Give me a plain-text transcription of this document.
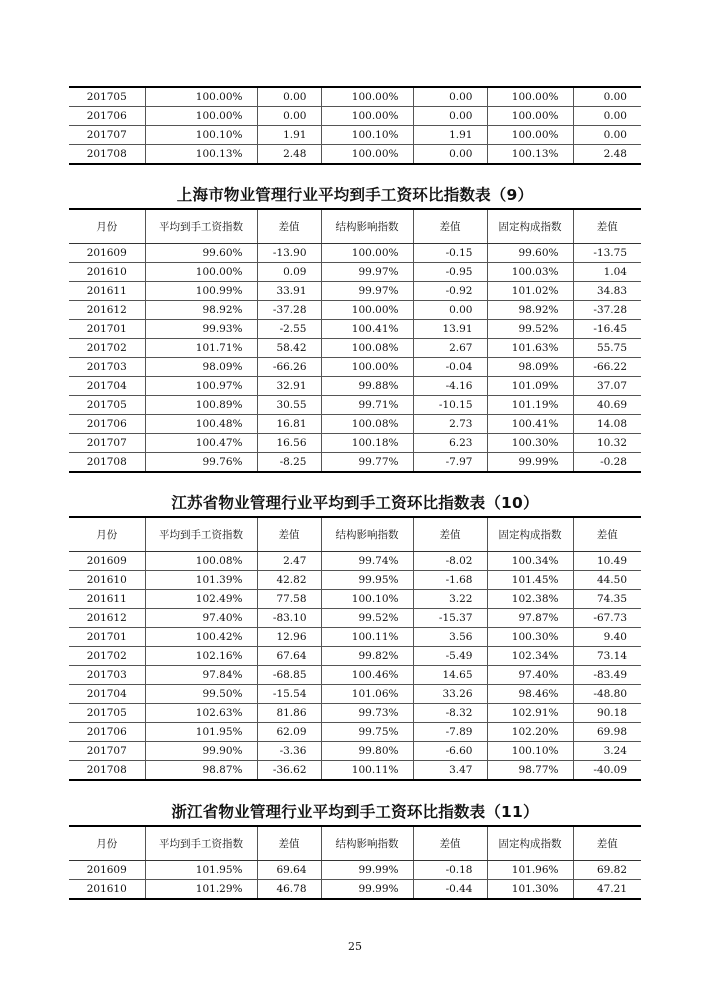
201705	100.00%	0.00	100.00%	0.00	100.00%	0.00
201706	100.00%	0.00	100.00%	0.00	100.00%	0.00
201707	100.10%	1.91	100.10%	1.91	100.00%	0.00
201708	100.13%	2.48	100.00%	0.00	100.13%	2.48
上海市物业管理行业平均到手工资环比指数表（9）
月份	平均到手工资指数	差值	结构影响指数	差值	固定构成指数	差值
201609	99.60%	-13.90	100.00%	-0.15	99.60%	-13.75
201610	100.00%	0.09	99.97%	-0.95	100.03%	1.04
201611	100.99%	33.91	99.97%	-0.92	101.02%	34.83
201612	98.92%	-37.28	100.00%	0.00	98.92%	-37.28
201701	99.93%	-2.55	100.41%	13.91	99.52%	-16.45
201702	101.71%	58.42	100.08%	2.67	101.63%	55.75
201703	98.09%	-66.26	100.00%	-0.04	98.09%	-66.22
201704	100.97%	32.91	99.88%	-4.16	101.09%	37.07
201705	100.89%	30.55	99.71%	-10.15	101.19%	40.69
201706	100.48%	16.81	100.08%	2.73	100.41%	14.08
201707	100.47%	16.56	100.18%	6.23	100.30%	10.32
201708	99.76%	-8.25	99.77%	-7.97	99.99%	-0.28
江苏省物业管理行业平均到手工资环比指数表（10）
月份	平均到手工资指数	差值	结构影响指数	差值	固定构成指数	差值
201609	100.08%	2.47	99.74%	-8.02	100.34%	10.49
201610	101.39%	42.82	99.95%	-1.68	101.45%	44.50
201611	102.49%	77.58	100.10%	3.22	102.38%	74.35
201612	97.40%	-83.10	99.52%	-15.37	97.87%	-67.73
201701	100.42%	12.96	100.11%	3.56	100.30%	9.40
201702	102.16%	67.64	99.82%	-5.49	102.34%	73.14
201703	97.84%	-68.85	100.46%	14.65	97.40%	-83.49
201704	99.50%	-15.54	101.06%	33.26	98.46%	-48.80
201705	102.63%	81.86	99.73%	-8.32	102.91%	90.18
201706	101.95%	62.09	99.75%	-7.89	102.20%	69.98
201707	99.90%	-3.36	99.80%	-6.60	100.10%	3.24
201708	98.87%	-36.62	100.11%	3.47	98.77%	-40.09
浙江省物业管理行业平均到手工资环比指数表（11）
月份	平均到手工资指数	差值	结构影响指数	差值	固定构成指数	差值
201609	101.95%	69.64	99.99%	-0.18	101.96%	69.82
201610	101.29%	46.78	99.99%	-0.44	101.30%	47.21
25
